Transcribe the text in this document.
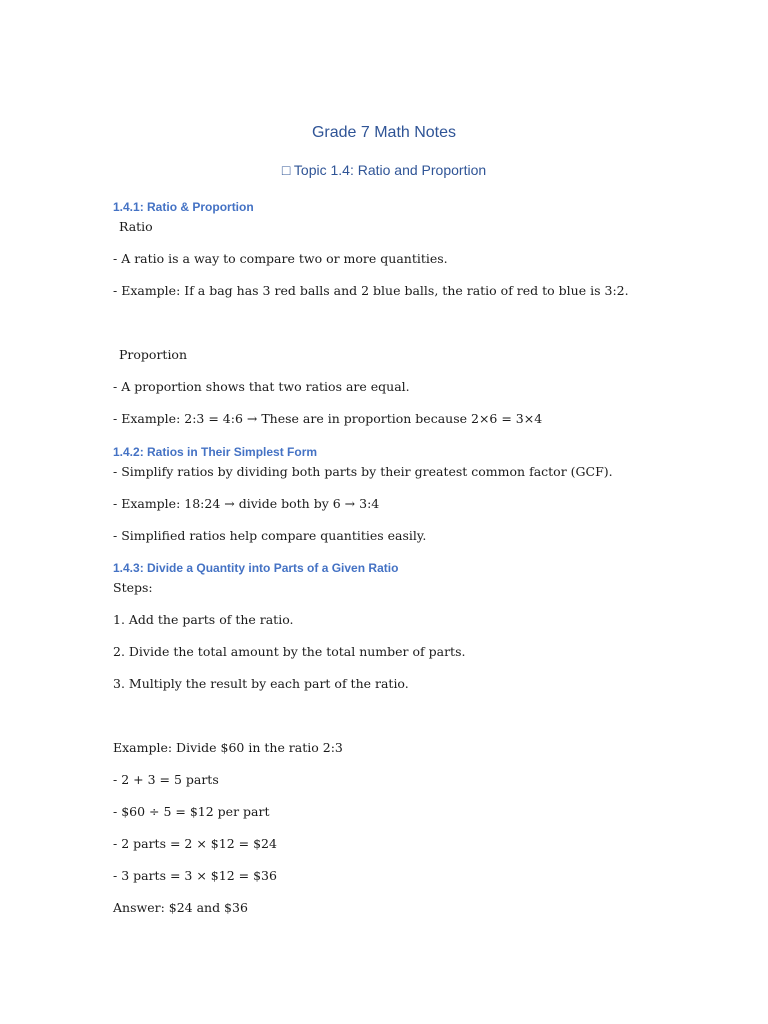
Grade 7 Math Notes
□ Topic 1.4: Ratio and Proportion
1.4.1: Ratio & Proportion

Ratio

- A ratio is a way to compare two or more quantities.

- Example: If a bag has 3 red balls and 2 blue balls, the ratio of red to blue is 3:2.

Proportion

- A proportion shows that two ratios are equal.

- Example: 2:3 = 4:6 → These are in proportion because 2×6 = 3×4

1.4.2: Ratios in Their Simplest Form

- Simplify ratios by dividing both parts by their greatest common factor (GCF).

- Example: 18:24 → divide both by 6 → 3:4

- Simplified ratios help compare quantities easily.

1.4.3: Divide a Quantity into Parts of a Given Ratio

Steps:

1. Add the parts of the ratio.

2. Divide the total amount by the total number of parts.

3. Multiply the result by each part of the ratio.

Example: Divide $60 in the ratio 2:3

- 2 + 3 = 5 parts

- $60 ÷ 5 = $12 per part

- 2 parts = 2 × $12 = $24

- 3 parts = 3 × $12 = $36

Answer: $24 and $36
